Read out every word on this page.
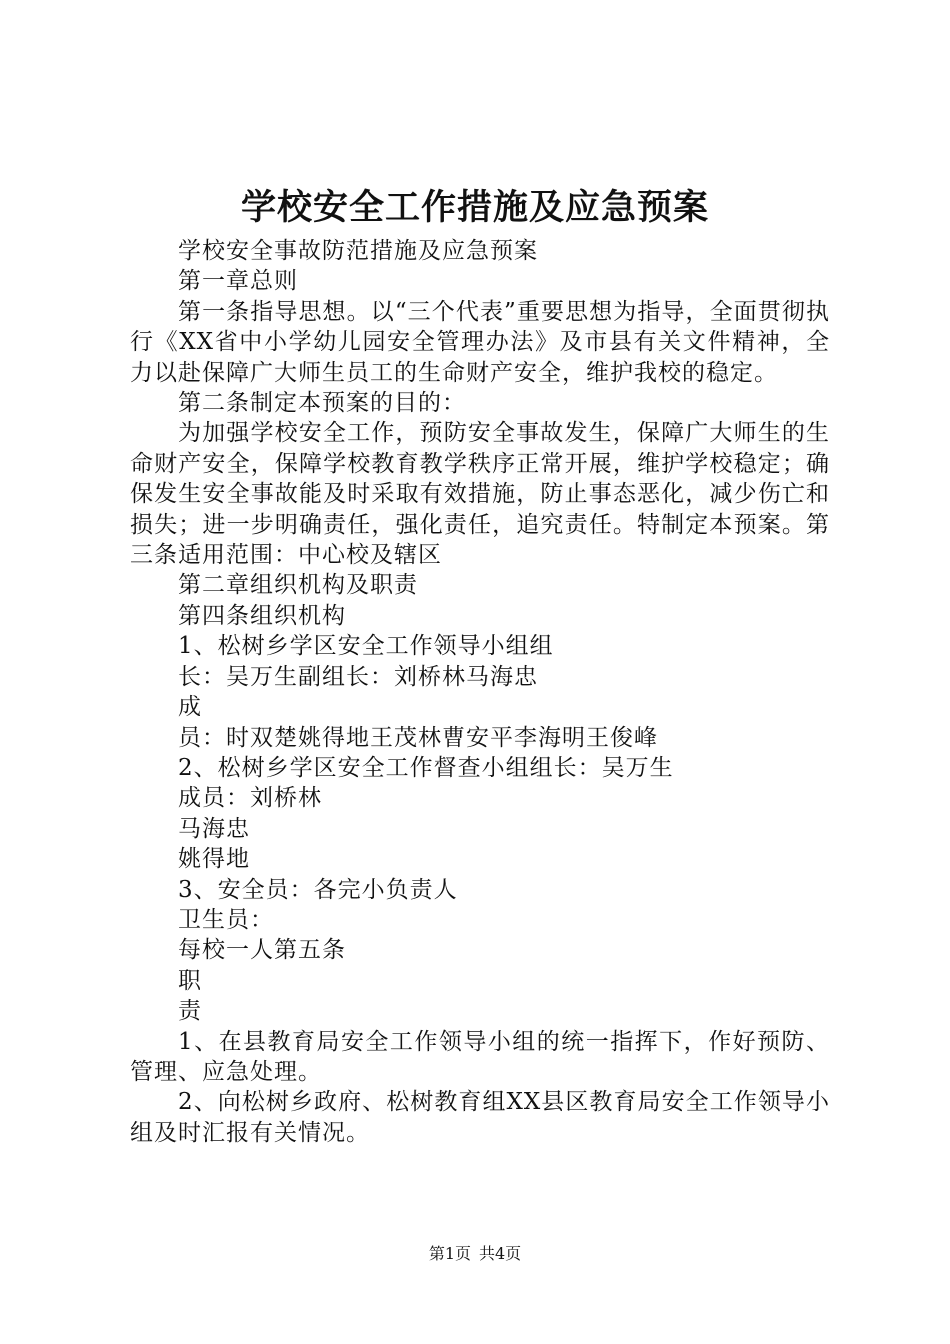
学校安全工作措施及应急预案

学校安全事故防范措施及应急预案

第一章总则

第一条指导思想。以“三个代表”重要思想为指导，全面贯彻执行《XX省中小学幼儿园安全管理办法》及市县有关文件精神，全力以赴保障广大师生员工的生命财产安全，维护我校的稳定。

第二条制定本预案的目的：

为加强学校安全工作，预防安全事故发生，保障广大师生的生命财产安全，保障学校教育教学秩序正常开展，维护学校稳定；确保发生安全事故能及时采取有效措施，防止事态恶化，减少伤亡和损失；进一步明确责任，强化责任，追究责任。特制定本预案。第三条适用范围：中心校及辖区

第二章组织机构及职责

第四条组织机构

1、松树乡学区安全工作领导小组组

长：吴万生副组长：刘桥林马海忠

成

员：时双楚姚得地王茂林曹安平李海明王俊峰

2、松树乡学区安全工作督查小组组长：吴万生

成员：刘桥林

马海忠

姚得地

3、安全员：各完小负责人

卫生员：

每校一人第五条

职

责

1、在县教育局安全工作领导小组的统一指挥下，作好预防、管理、应急处理。

2、向松树乡政府、松树教育组XX县区教育局安全工作领导小组及时汇报有关情况。

第1页 共4页
